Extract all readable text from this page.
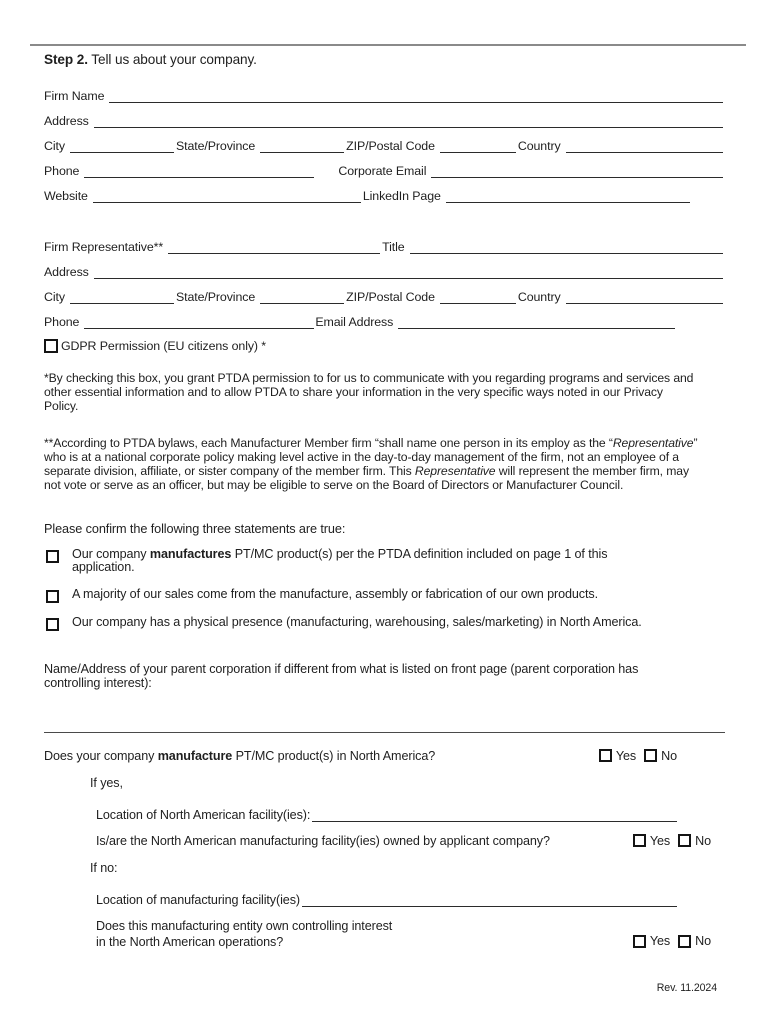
Step 2. Tell us about your company.
Firm Name
Address
City	State/Province	ZIP/Postal Code	Country
Phone	Corporate Email
Website	LinkedIn Page
Firm Representative**	Title
Address
City	State/Province	ZIP/Postal Code	Country
Phone	Email Address
GDPR Permission (EU citizens only) *
*By checking this box, you grant PTDA permission to for us to communicate with you regarding programs and services and
other essential information and to allow PTDA to share your information in the very specific ways noted in our Privacy
Policy.
**According to PTDA bylaws, each Manufacturer Member firm “shall name one person in its employ as the “Representative”
who is at a national corporate policy making level active in the day-to-day management of the firm, not an employee of a
separate division, affiliate, or sister company of the member firm. This Representative will represent the member firm, may
not vote or serve as an officer, but may be eligible to serve on the Board of Directors or Manufacturer Council.
Please confirm the following three statements are true:
Our company manufactures PT/MC product(s) per the PTDA definition included on page 1 of this
application.
A majority of our sales come from the manufacture, assembly or fabrication of our own products.
Our company has a physical presence (manufacturing, warehousing, sales/marketing) in North America.
Name/Address of your parent corporation if different from what is listed on front page (parent corporation has
controlling interest):
Does your company manufacture PT/MC product(s) in North America?	Yes No
If yes,
Location of North American facility(ies):
Is/are the North American manufacturing facility(ies) owned by applicant company?	Yes No
If no:
Location of manufacturing facility(ies)
Does this manufacturing entity own controlling interest
in the North American operations?	Yes No
Rev. 11.2024
